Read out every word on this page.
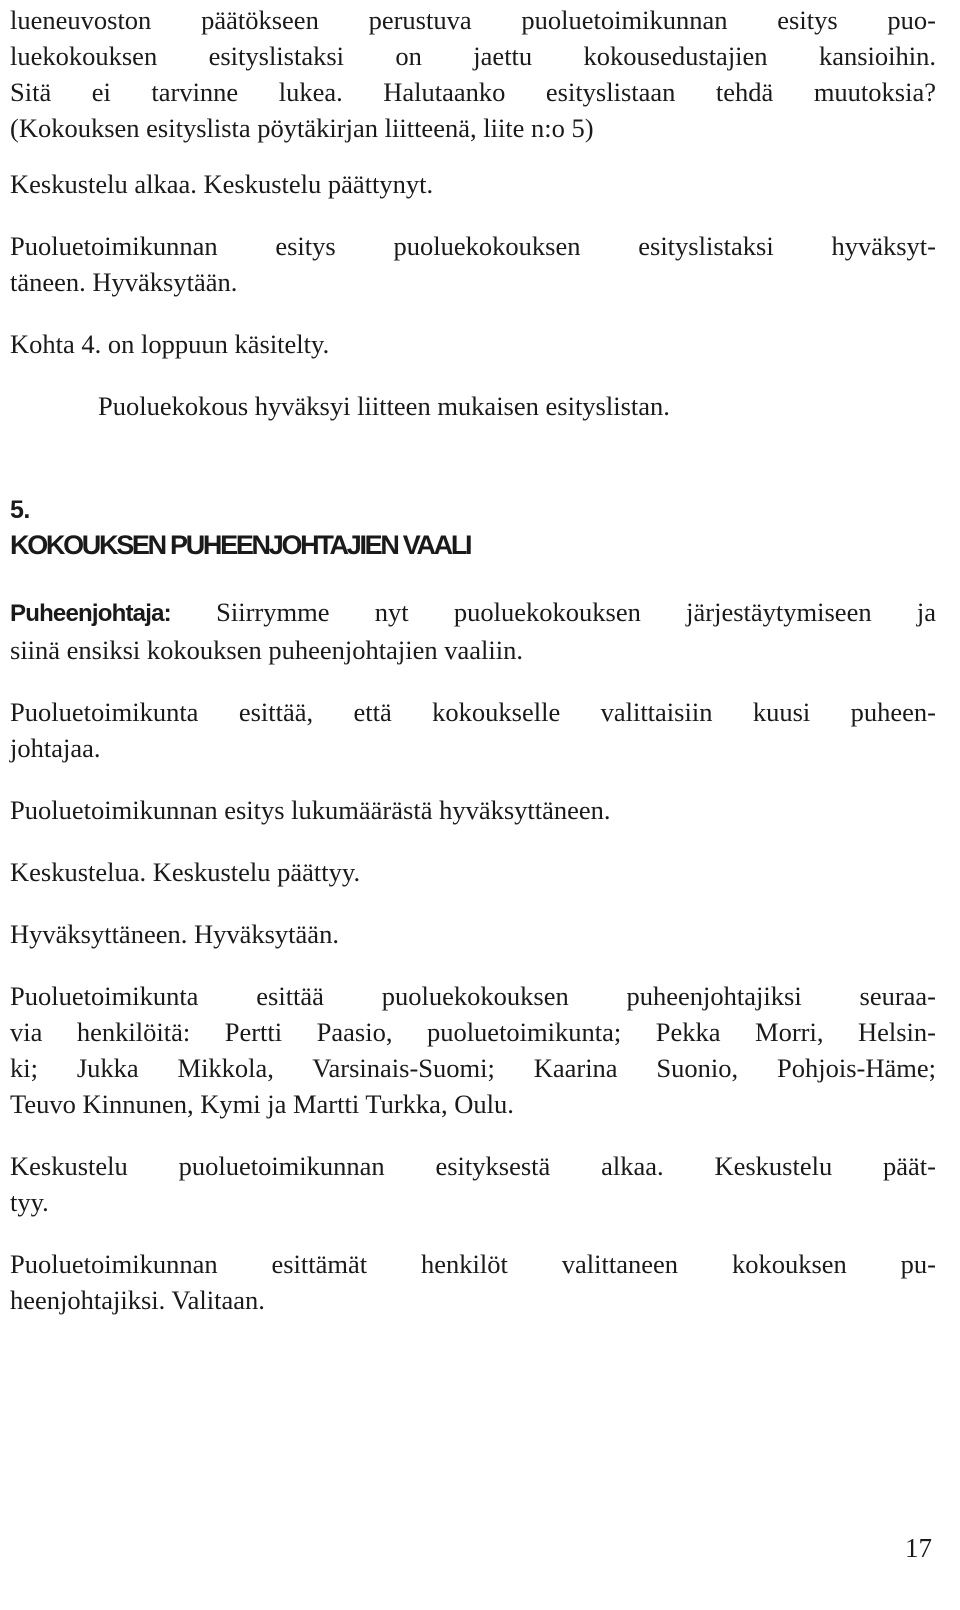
lueneuvoston päätökseen perustuva puoluetoimikunnan esitys puo-
luekokouksen esityslistaksi on jaettu kokousedustajien kansioihin.
Sitä ei tarvinne lukea. Halutaanko esityslistaan tehdä muutoksia?
(Kokouksen esityslista pöytäkirjan liitteenä, liite n:o 5)

Keskustelu alkaa. Keskustelu päättynyt.

Puoluetoimikunnan esitys puoluekokouksen esityslistaksi hyväksyt-
täneen. Hyväksytään.

Kohta 4. on loppuun käsitelty.

Puoluekokous hyväksyi liitteen mukaisen esityslistan.

5.
KOKOUKSEN PUHEENJOHTAJIEN VAALI

Puheenjohtaja: Siirrymme nyt puoluekokouksen järjestäytymiseen ja
siinä ensiksi kokouksen puheenjohtajien vaaliin.

Puoluetoimikunta esittää, että kokoukselle valittaisiin kuusi puheen-
johtajaa.

Puoluetoimikunnan esitys lukumäärästä hyväksyttäneen.

Keskustelua. Keskustelu päättyy.

Hyväksyttäneen. Hyväksytään.

Puoluetoimikunta esittää puoluekokouksen puheenjohtajiksi seuraa-
via henkilöitä: Pertti Paasio, puoluetoimikunta; Pekka Morri, Helsin-
ki; Jukka Mikkola, Varsinais-Suomi; Kaarina Suonio, Pohjois-Häme;
Teuvo Kinnunen, Kymi ja Martti Turkka, Oulu.

Keskustelu puoluetoimikunnan esityksestä alkaa. Keskustelu päät-
tyy.

Puoluetoimikunnan esittämät henkilöt valittaneen kokouksen pu-
heenjohtajiksi. Valitaan.

17
